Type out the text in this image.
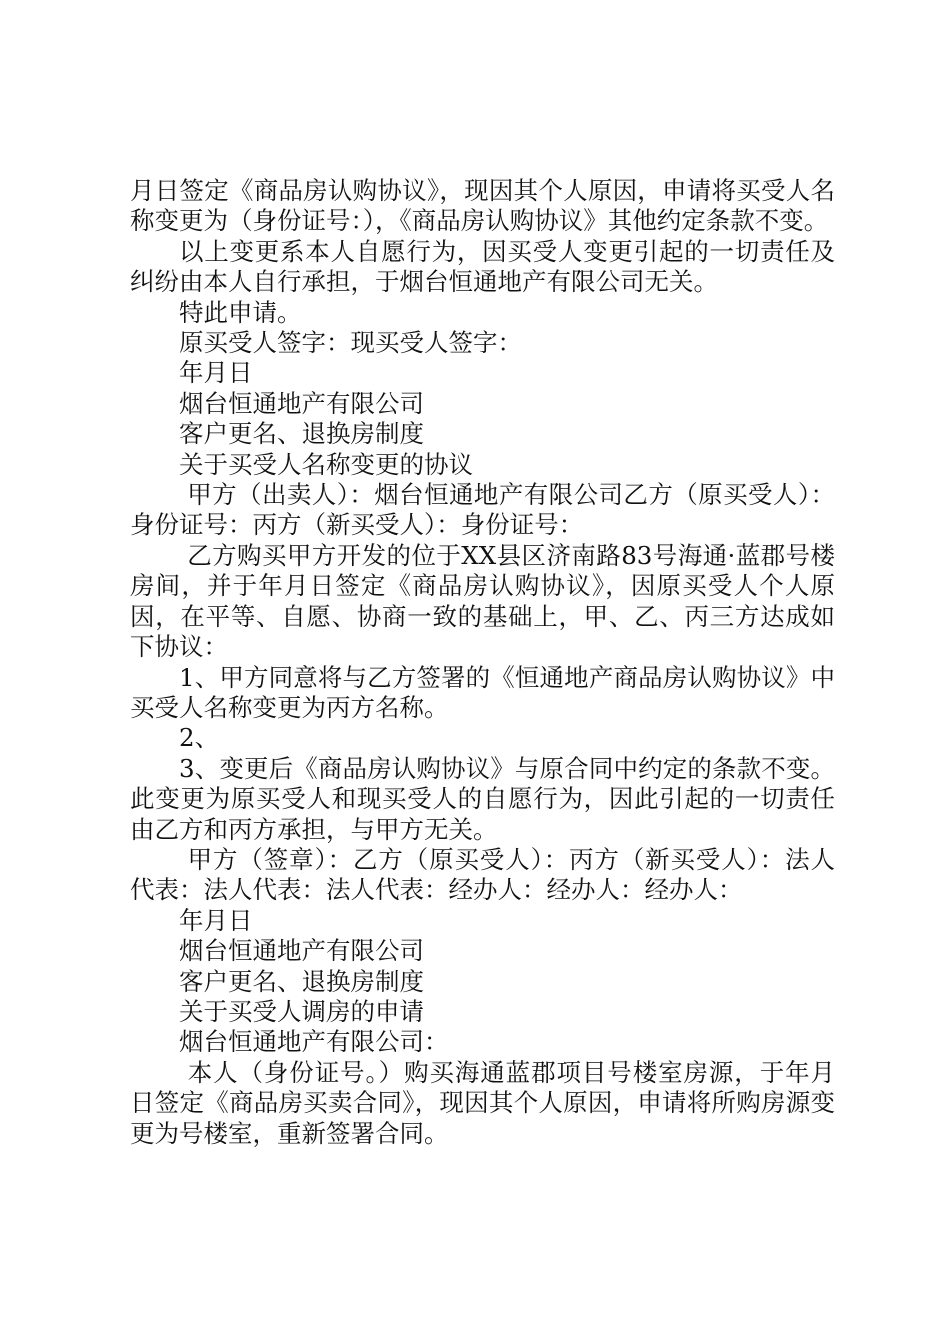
月日签定《商品房认购协议》，现因其个人原因，申请将买受人名称变更为（身份证号：），《商品房认购协议》其他约定条款不变。

以上变更系本人自愿行为，因买受人变更引起的一切责任及纠纷由本人自行承担，于烟台恒通地产有限公司无关。

特此申请。

原买受人签字：现买受人签字：

年月日

烟台恒通地产有限公司

客户更名、退换房制度

关于买受人名称变更的协议

甲方（出卖人）：烟台恒通地产有限公司乙方（原买受人）：身份证号：丙方（新买受人）：身份证号：

乙方购买甲方开发的位于XX县区济南路83号海通·蓝郡号楼房间，并于年月日签定《商品房认购协议》，因原买受人个人原因，在平等、自愿、协商一致的基础上，甲、乙、丙三方达成如下协议：

1、甲方同意将与乙方签署的《恒通地产商品房认购协议》中买受人名称变更为丙方名称。

2、

3、变更后《商品房认购协议》与原合同中约定的条款不变。此变更为原买受人和现买受人的自愿行为，因此引起的一切责任由乙方和丙方承担，与甲方无关。

甲方（签章）：乙方（原买受人）：丙方（新买受人）：法人代表：法人代表：法人代表：经办人：经办人：经办人：

年月日

烟台恒通地产有限公司

客户更名、退换房制度

关于买受人调房的申请

烟台恒通地产有限公司：

本人（身份证号。）购买海通蓝郡项目号楼室房源，于年月日签定《商品房买卖合同》，现因其个人原因，申请将所购房源变更为号楼室，重新签署合同。
